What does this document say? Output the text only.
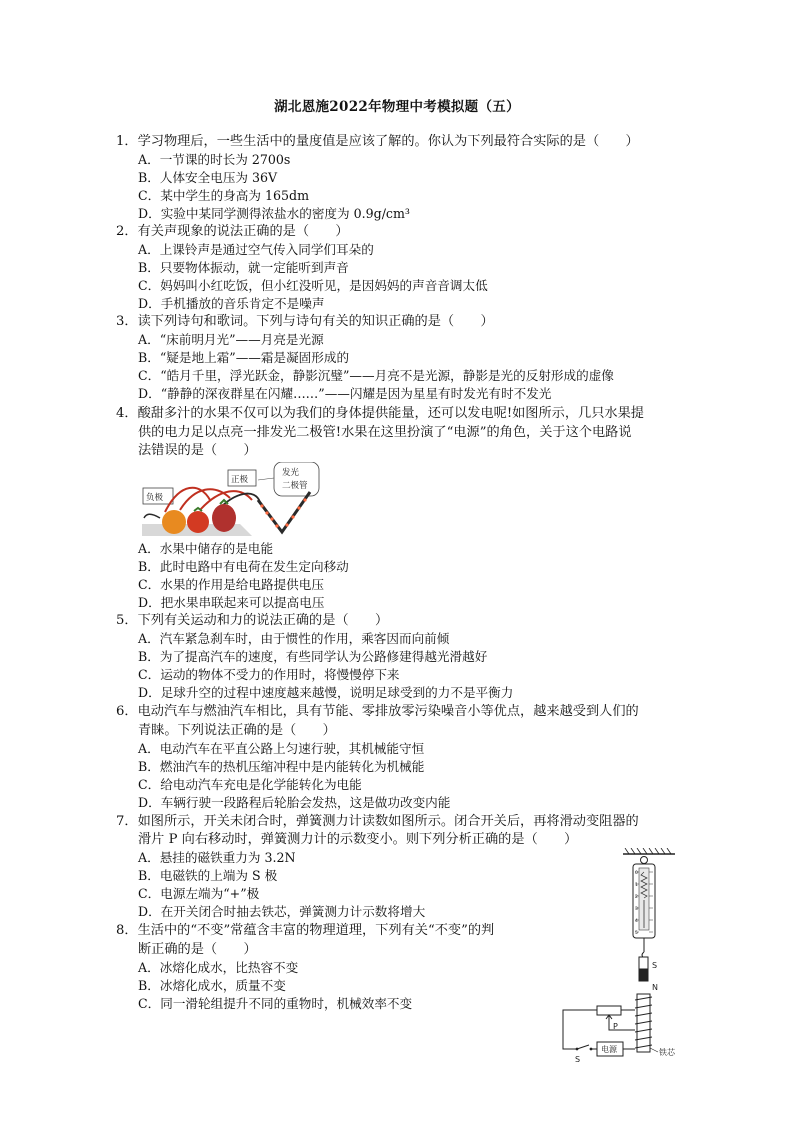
湖北恩施2022年物理中考模拟题（五）
1．学习物理后，一些生活中的量度值是应该了解的。你认为下列最符合实际的是（　　）
A．一节课的时长为 2700s
B．人体安全电压为 36V
C．某中学生的身高为 165dm
D．实验中某同学测得浓盐水的密度为 0.9g/cm³
2．有关声现象的说法正确的是（　　）
A．上课铃声是通过空气传入同学们耳朵的
B．只要物体振动，就一定能听到声音
C．妈妈叫小红吃饭，但小红没听见，是因妈妈的声音音调太低
D．手机播放的音乐肯定不是噪声
3．读下列诗句和歌词。下列与诗句有关的知识正确的是（　　）
A．“床前明月光”——月亮是光源
B．“疑是地上霜”——霜是凝固形成的
C．“皓月千里，浮光跃金，静影沉璧”——月亮不是光源，静影是光的反射形成的虚像
D．“静静的深夜群星在闪耀……”——闪耀是因为星星有时发光有时不发光
4．酸甜多汁的水果不仅可以为我们的身体提供能量，还可以发电呢!如图所示，几只水果提
供的电力足以点亮一排发光二极管!水果在这里扮演了“电源”的角色，关于这个电路说
法错误的是（　　）
负极
正极
发光
二极管
A．水果中储存的是电能
B．此时电路中有电荷在发生定向移动
C．水果的作用是给电路提供电压
D．把水果串联起来可以提高电压
5．下列有关运动和力的说法正确的是（　　）
A．汽车紧急刹车时，由于惯性的作用，乘客因而向前倾
B．为了提高汽车的速度，有些同学认为公路修建得越光滑越好
C．运动的物体不受力的作用时，将慢慢停下来
D．足球升空的过程中速度越来越慢，说明足球受到的力不是平衡力
6．电动汽车与燃油汽车相比，具有节能、零排放零污染噪音小等优点，越来越受到人们的
青睐。下列说法正确的是（　　）
A．电动汽车在平直公路上匀速行驶，其机械能守恒
B．燃油汽车的热机压缩冲程中是内能转化为机械能
C．给电动汽车充电是化学能转化为电能
D．车辆行驶一段路程后轮胎会发热，这是做功改变内能
7．如图所示，开关未闭合时，弹簧测力计读数如图所示。闭合开关后，再将滑动变阻器的
滑片 P 向右移动时，弹簧测力计的示数变小。则下列分析正确的是（　　）
A．悬挂的磁铁重力为 3.2N
B．电磁铁的上端为 S 极
C．电源左端为“+”极
D．在开关闭合时抽去铁芯，弹簧测力计示数将增大
8．生活中的“不变”常蕴含丰富的物理道理，下列有关“不变”的判
断正确的是（　　）
A．冰熔化成水，比热容不变
B．冰熔化成水，质量不变
C．同一滑轮组提升不同的重物时，机械效率不变
0
1
2
3
4
5
S
N
铁芯
P
S
电源
